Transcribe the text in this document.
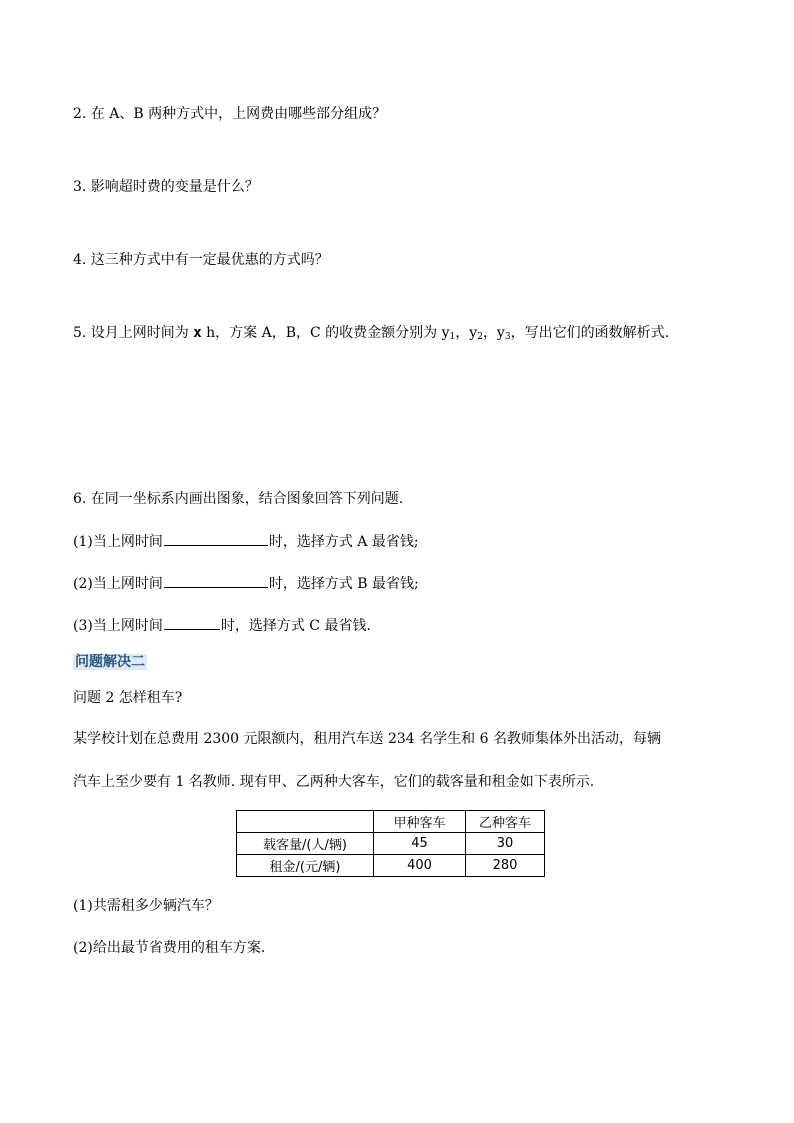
2. 在 A、B 两种方式中，上网费由哪些部分组成？
3. 影响超时费的变量是什么？
4. 这三种方式中有一定最优惠的方式吗？
5. 设月上网时间为 x h，方案 A，B，C 的收费金额分别为 $y_1$，$y_2$，$y_3$，写出它们的函数解析式.
6. 在同一坐标系内画出图象，结合图象回答下列问题.
(1)当上网时间	时，选择方式 A 最省钱;
(2)当上网时间	时，选择方式 B 最省钱;
(3)当上网时间	时，选择方式 C 最省钱.
问题解决二
问题 2 怎样租车?
某学校计划在总费用 2300 元限额内，租用汽车送 234 名学生和 6 名教师集体外出活动，每辆
汽车上至少要有 1 名教师. 现有甲、乙两种大客车，它们的载客量和租金如下表所示.
	甲种客车	乙种客车
载客量/(人/辆)	45	30
租金/(元/辆)	400	280
(1)共需租多少辆汽车？
(2)给出最节省费用的租车方案.
